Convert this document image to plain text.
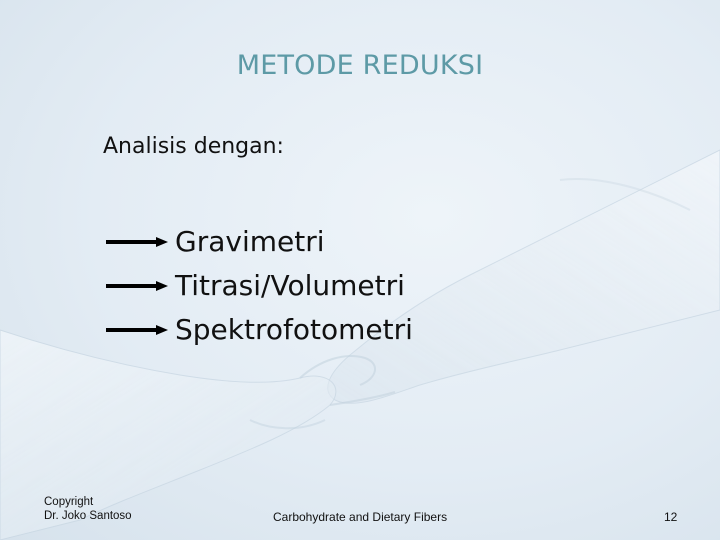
METODE REDUKSI
Analisis dengan:
Gravimetri
Titrasi/Volumetri
Spektrofotometri
Copyright
Dr. Joko Santoso	Carbohydrate and Dietary Fibers	12
